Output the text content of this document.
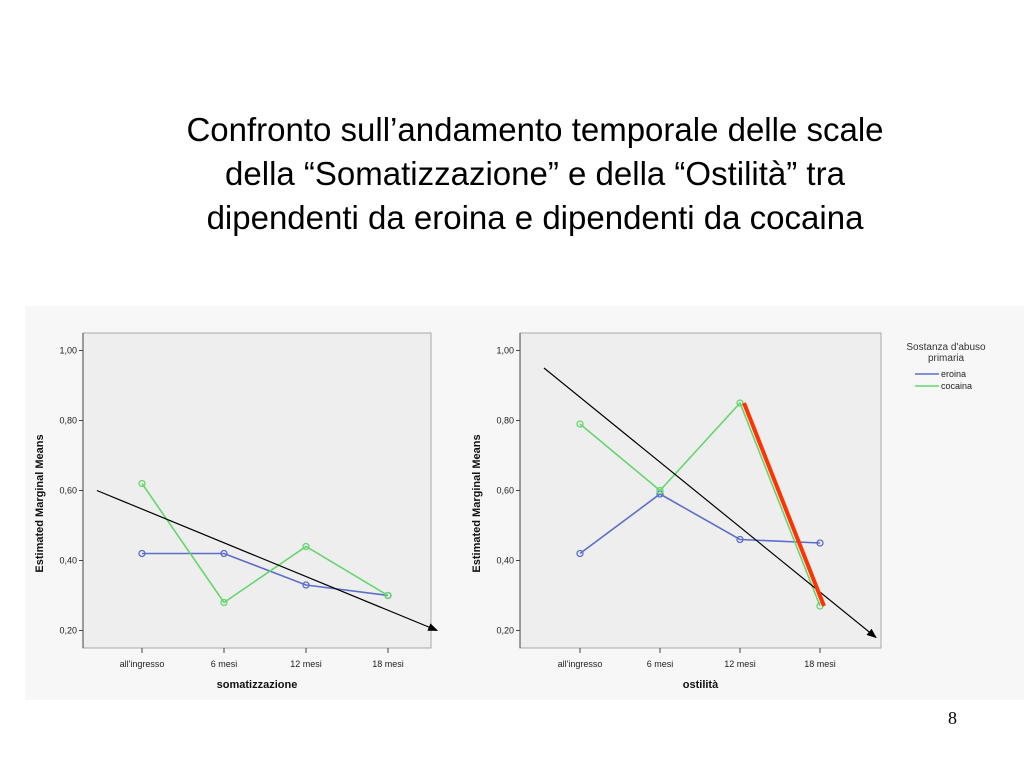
Confronto sull’andamento temporale delle scale
della “Somatizzazione” e della “Ostilità” tra
dipendenti da eroina e dipendenti da cocaina
1,00
0,80
0,60
0,40
0,20
all'ingresso	6 mesi	12 mesi	18 mesi
somatizzazione
Estimated Marginal Means
1,00
0,80
0,60
0,40
0,20
all'ingresso	6 mesi	12 mesi	18 mesi
ostilità
Estimated Marginal Means
Sostanza d'abuso
primaria
eroina
cocaina
8
